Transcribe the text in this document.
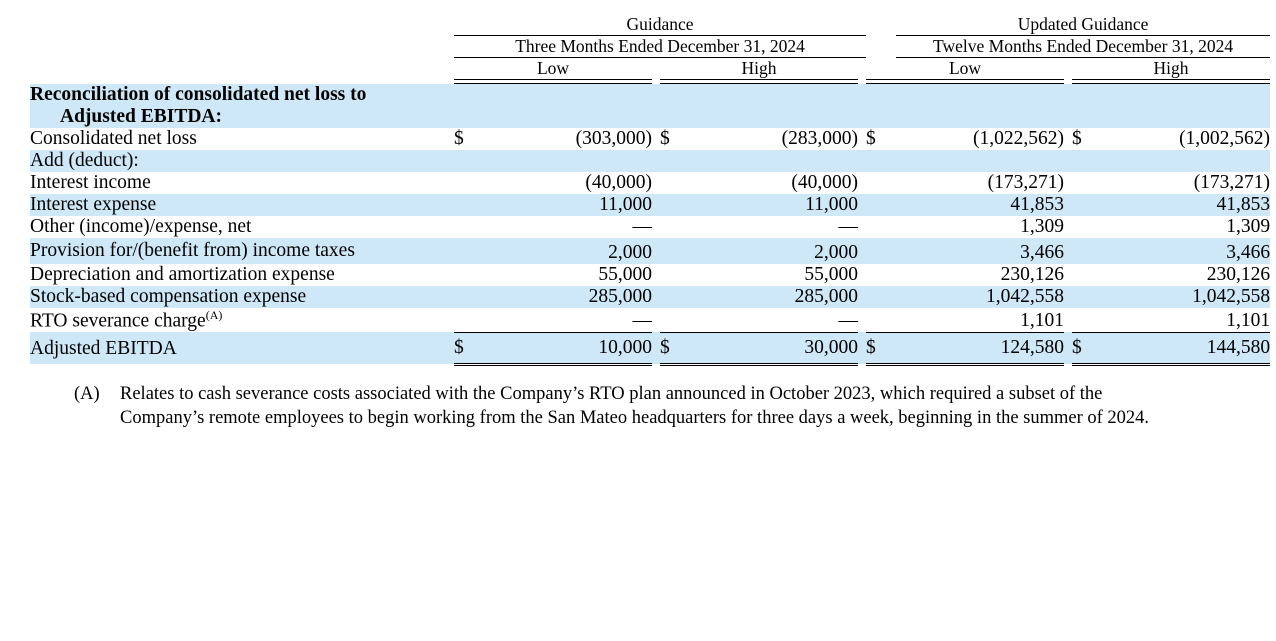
	Guidance							Updated Guidance			
	Three Months Ended December 31, 2024							Twelve Months Ended December 31, 2024			
	Low			High			Low			High	

Reconciliation of consolidated net loss to											
Adjusted EBITDA:											
Consolidated net loss	$	(303,000)		$	(283,000)		$	(1,022,562)		$	(1,002,562)
Add (deduct):											
Interest income		(40,000)			(40,000)			(173,271)			(173,271)
Interest expense		11,000			11,000			41,853			41,853
Other (income)/expense, net		—			—			1,309			1,309
Provision for/(benefit from) income taxes		2,000			2,000			3,466			3,466
Depreciation and amortization expense		55,000			55,000			230,126			230,126
Stock-based compensation expense		285,000			285,000			1,042,558			1,042,558
RTO severance charge$^{(A)}$		—			—			1,101			1,101
Adjusted EBITDA	$	10,000		$	30,000		$	124,580		$	144,580
(A)	Relates to cash severance costs associated with the Company’s RTO plan announced in October 2023, which required a subset of the Company’s remote employees to begin working from the San Mateo headquarters for three days a week, beginning in the summer of 2024.
